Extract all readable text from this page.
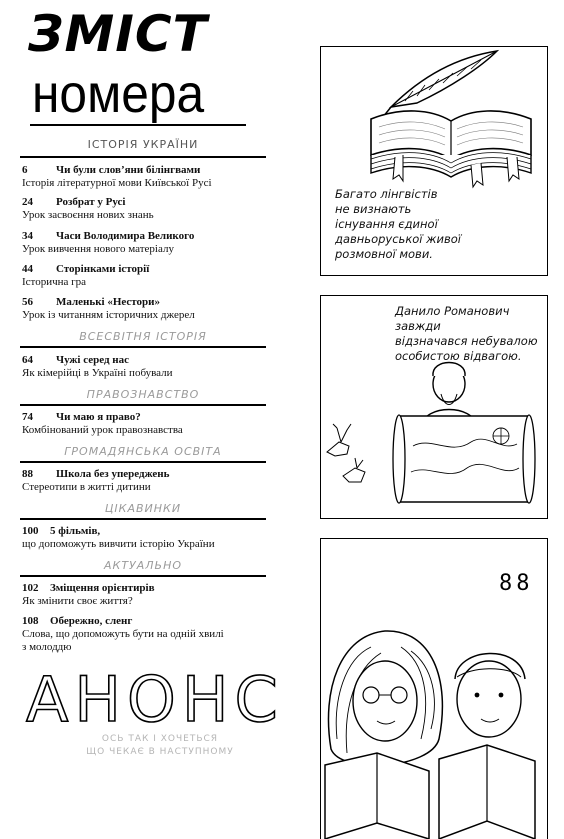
ЗМІСТ
номера
ІСТОРІЯ УКРАЇНИ
6	Чи були слов’яни білінгвами
Історія літературної мови Київської Русі
24 Розбрат у Русі
Урок засвоєння нових знань
34 Часи Володимира Великого
Урок вивчення нового матеріалу
44 Сторінками історії
Історична гра
56 Маленькі «Нестори»
Урок із читанням історичних джерел
ВСЕСВІТНЯ ІСТОРІЯ
64 Чужі серед нас
Як кімерійці в Україні побували
ПРАВОЗНАВСТВО
74 Чи маю я право?
Комбінований урок правознавства
ГРОМАДЯНСЬКА ОСВІТА
88 Школа без упереджень
Стереотипи в житті дитини
ЦІКАВИНКИ
100 5 фільмів,
що допоможуть вивчити історію України
АКТУАЛЬНО
102 Зміщення орієнтирів
Як змінити своє життя?
108 Обережно, сленг
Слова, що допоможуть бути на одній хвилі
з молоддю
АНОНС
ОСЬ ТАК І ХОЧЕТЬСЯ
ЩО ЧЕКАЄ В НАСТУПНОМУ
Багато лінгвістів
не визнають
існування єдиної
давньоруської живої
розмовної мови.
Данило Романович завжди
відзначався небувалою
особистою відвагою.
88
